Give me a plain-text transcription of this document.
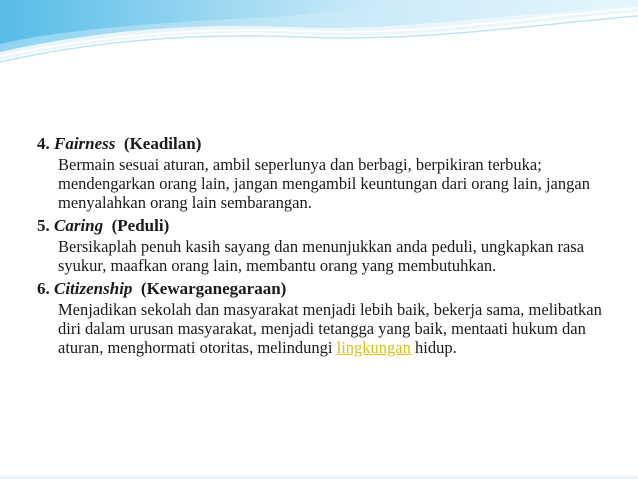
4. Fairness (Keadilan)

Bermain sesuai aturan, ambil seperlunya dan berbagi, berpikiran terbuka; mendengarkan orang lain, jangan mengambil keuntungan dari orang lain, jangan menyalahkan orang lain sembarangan.

5. Caring (Peduli)

Bersikaplah penuh kasih sayang dan menunjukkan anda peduli, ungkapkan rasa syukur, maafkan orang lain, membantu orang yang membutuhkan.

6. Citizenship (Kewarganegaraan)

Menjadikan sekolah dan masyarakat menjadi lebih baik, bekerja sama, melibatkan diri dalam urusan masyarakat, menjadi tetangga yang baik, mentaati hukum dan aturan, menghormati otoritas, melindungi lingkungan hidup.
